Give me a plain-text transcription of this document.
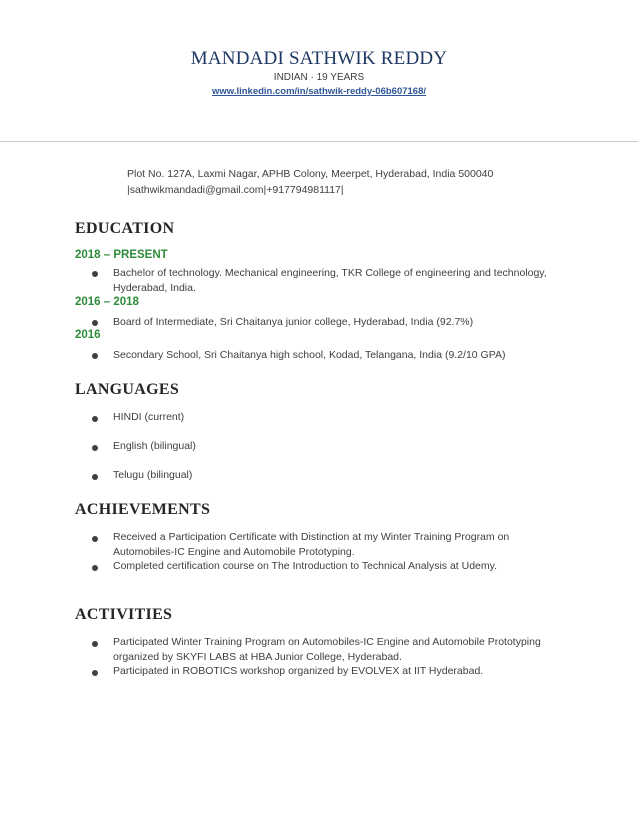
MANDADI SATHWIK REDDY
INDIAN · 19 YEARS
www.linkedin.com/in/sathwik-reddy-06b607168/
Plot No. 127A, Laxmi Nagar, APHB Colony, Meerpet, Hyderabad, India 500040
|sathwikmandadi@gmail.com|+917794981117|
EDUCATION
2018 – PRESENT
Bachelor of technology. Mechanical engineering, TKR College of engineering and technology,
Hyderabad, India.
2016 – 2018
Board of Intermediate, Sri Chaitanya junior college, Hyderabad, India (92.7%)
2016
Secondary School, Sri Chaitanya high school, Kodad, Telangana, India (9.2/10 GPA)
LANGUAGES
HINDI (current)
English (bilingual)
Telugu (bilingual)
ACHIEVEMENTS
Received a Participation Certificate with Distinction at my Winter Training Program on
Automobiles-IC Engine and Automobile Prototyping.
Completed certification course on The Introduction to Technical Analysis at Udemy.
ACTIVITIES
Participated Winter Training Program on Automobiles-IC Engine and Automobile Prototyping
organized by SKYFI LABS at HBA Junior College, Hyderabad.
Participated in ROBOTICS workshop organized by EVOLVEX at IIT Hyderabad.
